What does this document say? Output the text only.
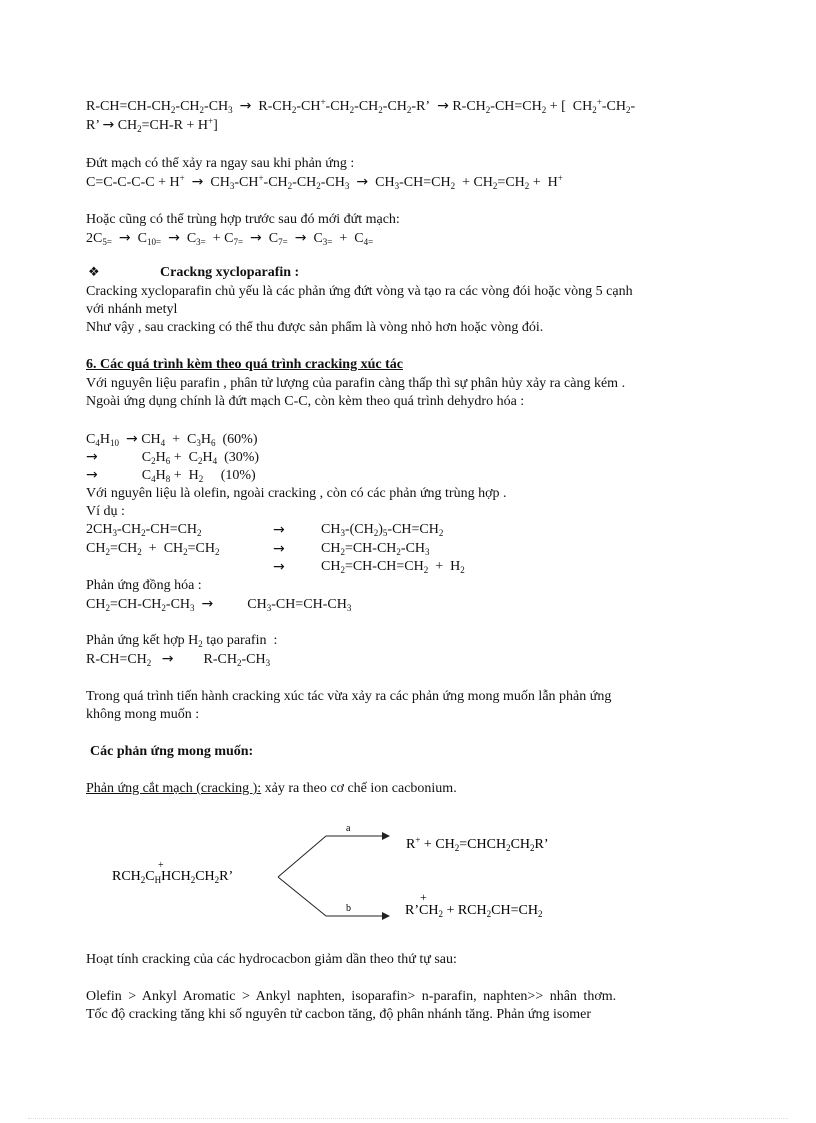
$R-CH=CH-CH_2-CH_2-CH_3 \to R-CH_2-CH^+-CH_2-CH_2-CH_2-R$’  → $R-CH_2-CH=CH_2$ + [  $CH_2^+-CH_2-$
R’ → $CH_2=CH-R + H^+$]
Đứt mạch có thể xảy ra ngay sau khi phản ứng :
$C=C-C-C-C + H^+ \to CH_3-CH^+-CH_2-CH_2-CH_3 \to CH_3-CH=CH_2 + CH_2=CH_2 + H^+$
Hoặc cũng có thể trùng hợp trước sau đó mới đứt mạch:
$2C_{5=} \to C_{10=} \to C_{3=} + C_{7=} \to C_{7=} \to C_{3=} + C_{4=}$
❖	Crackng xycloparafin :
Cracking xycloparafin chủ yếu là các phản ứng đứt vòng và tạo ra các vòng đói hoặc vòng 5 cạnh
với nhánh metyl
Như vậy , sau cracking có thể thu được sản phẩm là vòng nhỏ hơn hoặc vòng đói.
6. Các quá trình kèm theo quá trình cracking xúc tác
Với nguyên liệu parafin , phân tử lượng của parafin càng thấp thì sự phân hủy xảy ra càng kém .
Ngoài ứng dụng chính là đứt mạch C-C, còn kèm theo quá trình dehydro hóa :
$C_4H_{10} \to CH_4 + C_3H_6$  (60%)
→	$C_2H_6 + C_2H_4$  (30%)
→	$C_4H_8 + H_2$     (10%)
Với nguyên liệu là olefin, ngoài cracking , còn có các phản ứng trùng hợp .
Ví dụ :
$2CH_3-CH_2-CH=CH_2$	→	$CH_3-(CH_2)_5-CH=CH_2$
$CH_2=CH_2 + CH_2=CH_2$	→	$CH_2=CH-CH_2-CH_3$
→	$CH_2=CH-CH=CH_2 + H_2$
Phản ứng đồng hóa :
$CH_2=CH-CH_2-CH_3 \to CH_3-CH=CH-CH_3$
Phản ứng kết hợp $H_2$ tạo parafin  :
$R-CH=CH_2 \to R-CH_2-CH_3$
Trong quá trình tiến hành cracking xúc tác vừa xảy ra các phản ứng mong muốn lẫn phản ứng
không mong muốn :
Các phản ứng mong muốn:
Phản ứng cắt mạch (cracking ): xảy ra theo cơ chế ion cacbonium.
$RCH_2C_HHCH_2CH_2R$’
+
a
b
$R^+ + CH_2=CHCH_2CH_2R$’
$R’CH_2 + RCH_2CH=CH_2$
+
Hoạt tính cracking của các hydrocacbon giảm dần theo thứ tự sau:
Olefin > Ankyl Aromatic > Ankyl naphten, isoparafin> n-parafin, naphten>> nhân thơm.
Tốc độ cracking tăng khi số nguyên tử cacbon tăng, độ phân nhánh tăng. Phản ứng isomer
